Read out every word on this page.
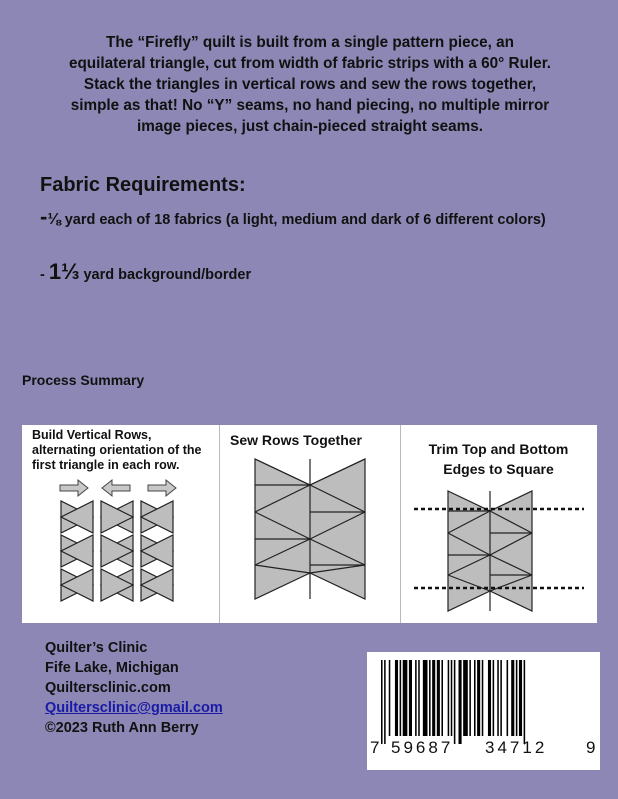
The “Firefly” quilt is built from a single pattern piece, an
equilateral triangle, cut from width of fabric strips with a 60° Ruler.
Stack the triangles in vertical rows and sew the rows together,
simple as that! No “Y” seams, no hand piecing, no multiple mirror
image pieces, just chain-pieced straight seams.
Fabric Requirements:
-⅛ yard each of 18 fabrics (a light, medium and dark of 6 different colors)
- 1⅓ yard background/border
Process Summary
Build Vertical Rows,
alternating orientation of the
first triangle in each row.
Sew Rows Together
Trim Top and Bottom
Edges to Square
Quilter’s Clinic
Fife Lake, Michigan
Quiltersclinic.com
Quiltersclinic@gmail.com
©2023 Ruth Ann Berry
7 59687 34712 9
